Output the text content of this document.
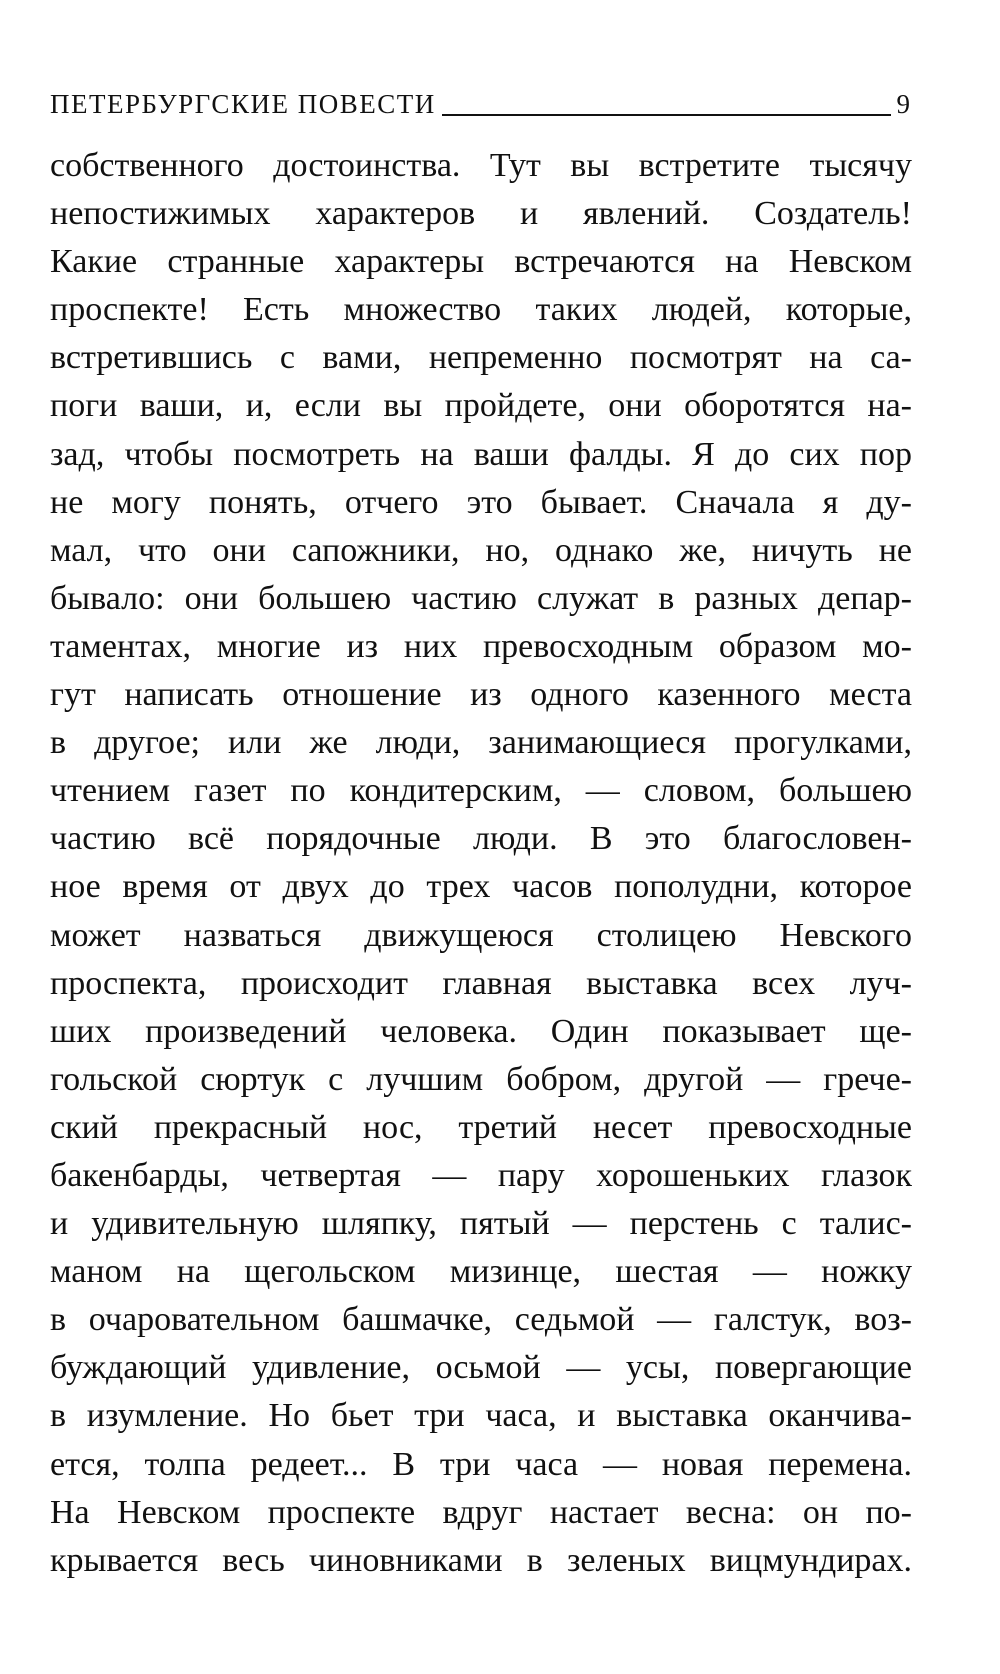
ПЕТЕРБУРГСКИЕ ПОВЕСТИ	9
собственного достоинства. Тут вы встретите тысячу
непостижимых характеров и явлений. Создатель!
Какие странные характеры встречаются на Невском
проспекте! Есть множество таких людей, которые,
встретившись с вами, непременно посмотрят на са-
поги ваши, и, если вы пройдете, они оборотятся на-
зад, чтобы посмотреть на ваши фалды. Я до сих пор
не могу понять, отчего это бывает. Сначала я ду-
мал, что они сапожники, но, однако же, ничуть не
бывало: они большею частию служат в разных депар-
таментах, многие из них превосходным образом мо-
гут написать отношение из одного казенного места
в другое; или же люди, занимающиеся прогулками,
чтением газет по кондитерским, — словом, большею
частию всё порядочные люди. В это благословен-
ное время от двух до трех часов пополудни, которое
может назваться движущеюся столицею Невского
проспекта, происходит главная выставка всех луч-
ших произведений человека. Один показывает ще-
гольской сюртук с лучшим бобром, другой — грече-
ский прекрасный нос, третий несет превосходные
бакенбарды, четвертая — пару хорошеньких глазок
и удивительную шляпку, пятый — перстень с талис-
маном на щегольском мизинце, шестая — ножку
в очаровательном башмачке, седьмой — галстук, воз-
буждающий удивление, осьмой — усы, повергающие
в изумление. Но бьет три часа, и выставка оканчива-
ется, толпа редеет... В три часа — новая перемена.
На Невском проспекте вдруг настает весна: он по-
крывается весь чиновниками в зеленых вицмундирах.
